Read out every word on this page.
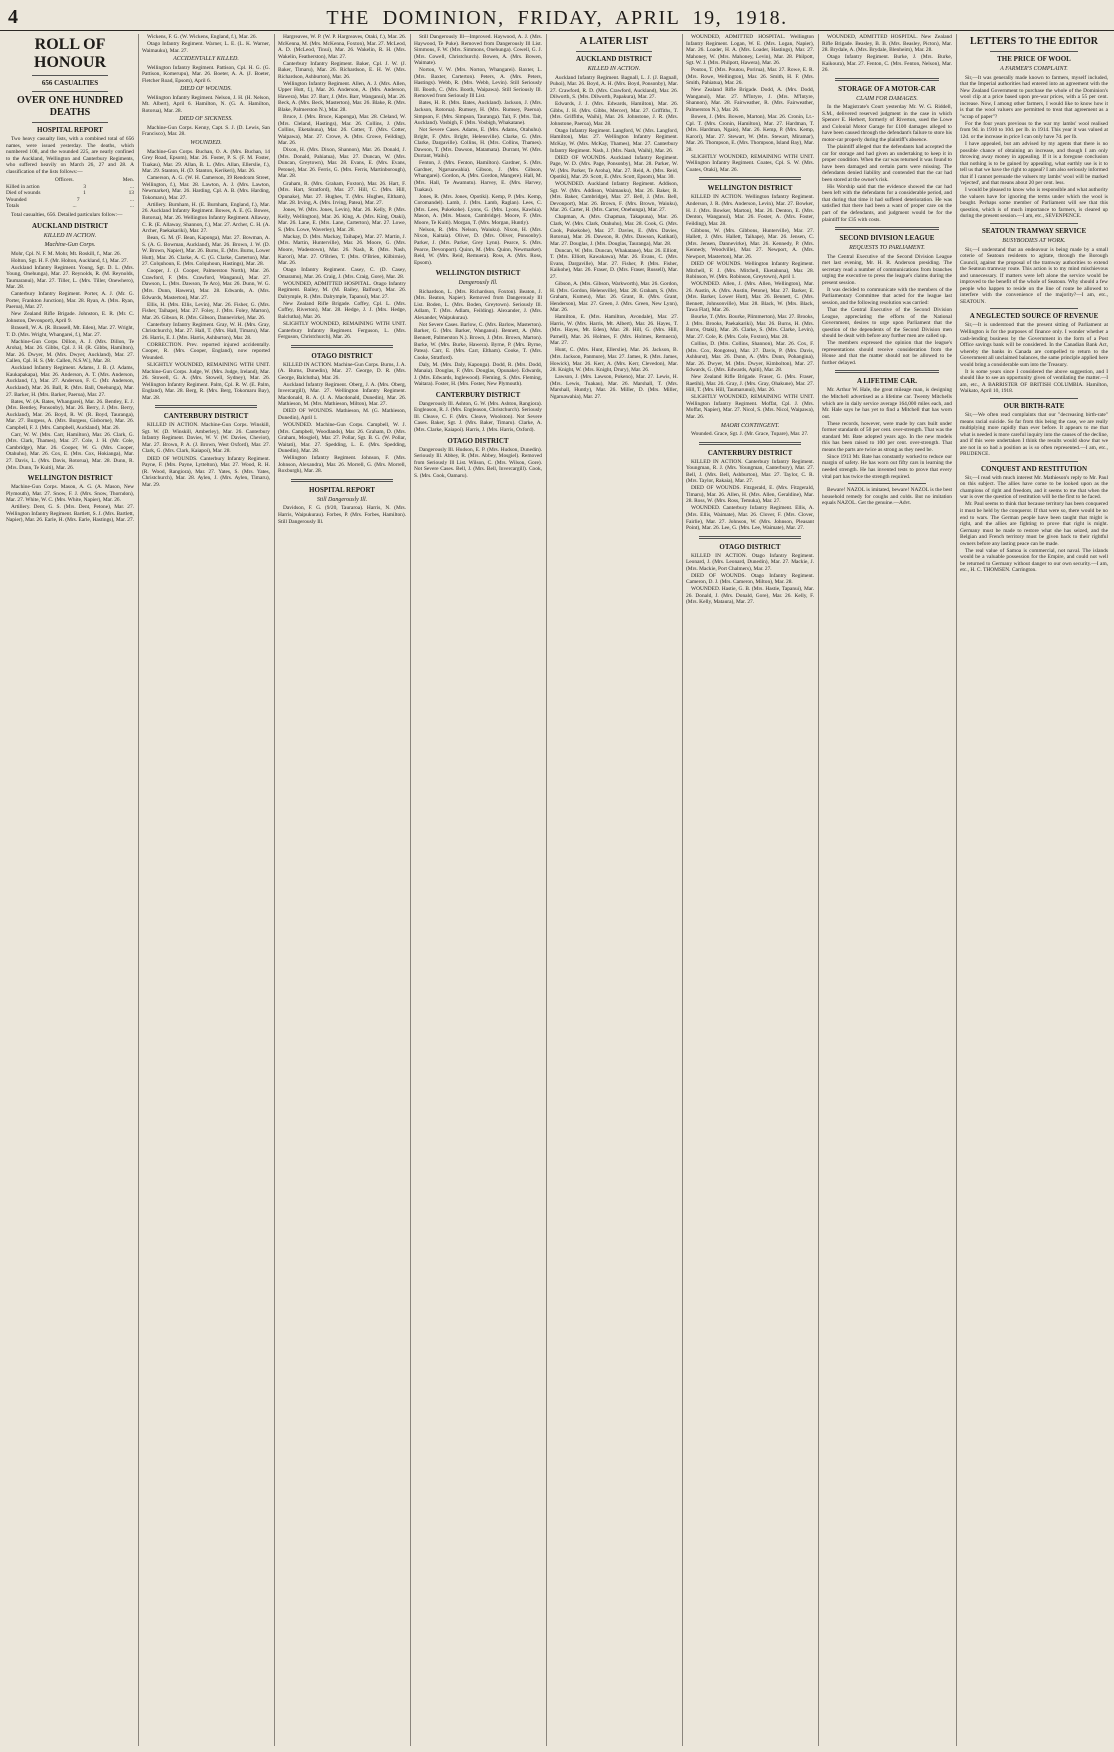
4	THE  DOMINION,  FRIDAY,  APRIL  19,  1918.
ROLL OF HONOUR
656 CASUALTIES
OVER ONE HUNDRED DEATHS
HOSPITAL REPORT

Two heavy casualty lists, with a combined total of 656 names, were issued yesterday. The deaths, which numbered 108, and the wounded 225, are nearly confined to the Auckland, Wellington and Canterbury Regiments, who suffered heavily on March 26, 27 and 28. A classification of the lists follows:—

Officers.	Men.
Killed in action	3	...
Died of wounds	1	13
Wounded	7	...
Totals	...	...

Total casualties, 656. Detailed particulars follow:—

AUCKLAND DISTRICT
KILLED IN ACTION.
Machine-Gun Corps.

Mohr, Cpl. N. F. M. Mohr, Mt. Roskill, f., Mar. 26.

Holton, Sgt. H. F. (Mr. Holton, Auckland, f.), Mar. 27.

Auckland Infantry Regiment. Young, Sgt. D. L. (Mrs. Young, Onehunga), Mar. 27. Reynolds, R. (M. Reynolds, Taumaranui), Mar. 27. Tiller, L. (Mrs. Tiller, Onewhero), Mar. 28.

Canterbury Infantry Regiment. Porter, A. J. (Mr. G. Porter, Frankton Junction), Mar. 28. Ryan, A. (Mrs. Ryan, Paeroa), Mar. 27.

New Zealand Rifle Brigade. Johnston, E. R. (Mr. C. Johnston, Devonport), April 9.

Brassell, W. A. (R. Brassell, Mt. Eden), Mar. 27. Wright, T. D. (Mrs. Wright, Whangarei, f.), Mar. 27.

Machine-Gun Corps. Dillon, A. J. (Mrs. Dillon, Te Aroha), Mar. 26. Gibbs, Cpl. J. H. (R. Gibbs, Hamilton), Mar. 26. Dwyer, M. (Mrs. Dwyer, Auckland), Mar. 27. Callen, Cpl. H. S. (Mr. Callen, N.S.W.), Mar. 28.

Auckland Infantry Regiment. Adams, J. B. (J. Adams, Kaukapakapa), Mar. 26. Anderson, A. T. (Mrs. Anderson, Auckland, f.), Mar. 27. Anderson, F. C. (Mr. Anderson, Auckland), Mar. 26. Ball, R. (Mrs. Ball, Onehunga), Mar. 27. Barker, H. (Mrs. Barker, Paeroa), Mar. 27.

Bates, W. (A. Bates, Whangarei), Mar. 26. Bentley, E. J. (Mrs. Bentley, Ponsonby), Mar. 26. Berry, J. (Mrs. Berry, Auckland), Mar. 26. Boyd, R. W. (R. Boyd, Tauranga), Mar. 27. Burgess, A. (Mrs. Burgess, Gisborne), Mar. 26. Campbell, F. J. (Mrs. Campbell, Auckland), Mar. 26.

Carr, W. W. (Mrs. Carr, Hamilton), Mar. 26. Clark, G. (Mrs. Clark, Thames), Mar. 27. Cole, J. H. (Mr. Cole, Cambridge), Mar. 26. Cooper, W. G. (Mrs. Cooper, Otahuhu), Mar. 26. Cox, E. (Mrs. Cox, Hokianga), Mar. 27. Davis, L. (Mrs. Davis, Rotorua), Mar. 28. Dunn, R. (Mrs. Dunn, Te Kuiti), Mar. 26.

WELLINGTON DISTRICT

Machine-Gun Corps. Mason, A. G. (A. Mason, New Plymouth), Mar. 27. Snow, F. J. (Mrs. Snow, Thorndon), Mar. 27. White, W. C. (Mrs. White, Napier), Mar. 26.

Artillery. Dent, G. S. (Mrs. Dent, Petone), Mar. 27. Wellington Infantry Regiment. Bartlett, S. J. (Mrs. Bartlett, Napier), Mar. 26. Earle, H. (Mrs. Earle, Hastings), Mar. 27.

Wickens, F. G. (W. Wickens, England, f.), Mar. 26.

Otago Infantry Regiment. Warner, L. E. (L. K. Warner, Waimauku), Mar. 27.

ACCIDENTALLY KILLED.

Wellington Infantry Regiment. Pattison, Cpl. H. G. (G. Pattison, Komerupu), Mar. 26. Boeter, A. A. (J. Boeter, Fletcher Road, Epsom), April 6.

DIED OF WOUNDS.

Wellington Infantry Regiment. Nelson, J. H. (H. Nelson, Mt. Albert), April 6. Hamilton, N. (G. A. Hamilton, Rotorua), Mar. 28.

DIED OF SICKNESS.

Machine-Gun Corps. Kenny, Capt. S. J. (D. Lewis, San Francisco), Mar. 28.

WOUNDED.

Machine-Gun Corps. Buchan, O. A. (Mrs. Buchan, 14 Grey Road, Epsom), Mar. 26. Foster, P. S. (F. M. Foster, Tuakau), Mar. 29. Allan, B. L. (Mrs. Allan, Ellerslie, f.), Mar. 29. Stanton, H. (D. Stanton, Kerikeri), Mar. 26.

Camerson, A. G. (W. H. Camerson, 39 Rendcom Street, Wellington, f.), Mar. 28. Lawton, A. J. (Mrs. Lawton, Newmarket), Mar. 26. Harding, Cpl. A. B. (Mrs. Harding, Tokomaru), Mar. 27.

Artillery. Burnham, H. (E. Burnham, England, f.), Mar. 26. Auckland Infantry Regiment. Bowes, A. E. (G. Bowes, Rotorua), Mar. 26. Wellington Infantry Regiment. Allaway, C. R. (E. Allaway, Shannon, f.), Mar. 27. Archer, C. H. (A. Archer, Paekakariki), Mar. 27.

Bean, G. M. (F. Bean, Kaponga), Mar. 27. Bowman, A. S. (A. G. Bowman, Auckland), Mar. 26. Brown, J. W. (D. W. Brown, Napier), Mar. 26. Burns, E. (Mrs. Burns, Lower Hutt), Mar. 26. Clarke, A. C. (G. Clarke, Carterton), Mar. 27. Colquhoun, E. (Mrs. Colquhoun, Hastings), Mar. 28.

Cooper, J. (J. Cooper, Palmerston North), Mar. 26. Crawford, F. (Mrs. Crawford, Wanganui), Mar. 27. Dawson, L. (Mrs. Dawson, Te Aro), Mar. 26. Dunn, W. G. (Mrs. Dunn, Hawera), Mar. 28. Edwards, A. (Mrs. Edwards, Masterton), Mar. 27.

Ellis, H. (Mrs. Ellis, Levin), Mar. 26. Fisher, G. (Mrs. Fisher, Taihape), Mar. 27. Foley, J. (Mrs. Foley, Marton), Mar. 26. Gibson, R. (Mrs. Gibson, Dannevirke), Mar. 26.

Canterbury Infantry Regiment. Gray, W. H. (Mrs. Gray, Christchurch), Mar. 27. Hall, T. (Mrs. Hall, Timaru), Mar. 26. Harris, E. J. (Mrs. Harris, Ashburton), Mar. 28.

CORRECTION. Prev. reported injured accidentally. Cooper, R. (Mrs. Cooper, England), now reported Wounded.

SLIGHTLY WOUNDED, REMAINING WITH UNIT. Machine-Gun Corps. Judge, W. (Mrs. Judge, Ireland), Mar. 26. Stowell, G. A. (Mrs. Stowell, Sydney), Mar. 26. Wellington Infantry Regiment. Palm, Cpl. R. W. (E. Palm, England), Mar. 28. Berg, R. (Mrs. Berg, Tokomaru Bay), Mar. 28.

CANTERBURY DISTRICT

KILLED IN ACTION. Machine-Gun Corps. Winskill, Sgt. W. (D. Winskill, Amberley), Mar. 26. Canterbury Infantry Regiment. Davies, W. V. (W. Davies, Cheviot), Mar. 27. Brown, P. A. (J. Brown, West Oxford), Mar. 27. Clark, G. (Mrs. Clark, Kaiapoi), Mar. 28.

DIED OF WOUNDS. Canterbury Infantry Regiment. Payne, F. (Mrs. Payne, Lyttelton), Mar. 27. Wood, R. H. (R. Wood, Rangiora), Mar. 27. Yates, S. (Mrs. Yates, Christchurch), Mar. 28. Aylen, J. (Mrs. Aylen, Timaru), Mar. 29.

Hargreaves, W. P. (W. P. Hargreaves, Otaki, f.), Mar. 26. McKenna, M. (Mrs. McKenna, Foxton), Mar. 27. McLeod, A. D. (McLeod, Tinui), Mar. 26. Wakelin, R. H. (Mrs. Wakelin, Featherston), Mar. 27.

Canterbury Infantry Regiment. Baker, Cpl. J. W. (J. Baker, Timaru), Mar. 26. Richardson, E. H. W. (Mrs. Richardson, Ashburton), Mar. 26.

Wellington Infantry Regiment. Allen, A. J. (Mrs. Allen, Upper Hutt, f.), Mar. 26. Anderson, A. (Mrs. Anderson, Hawera), Mar. 27. Barr, J. (Mrs. Barr, Wanganui), Mar. 26. Beck, A. (Mrs. Beck, Masterton), Mar. 26. Blake, R. (Mrs. Blake, Palmerston N.), Mar. 28.

Bruce, J. (Mrs. Bruce, Kaponga), Mar. 28. Cleland, W. (Mrs. Cleland, Hastings), Mar. 26. Collins, J. (Mrs. Collins, Eketahuna), Mar. 26. Cotter, T. (Mrs. Cotter, Waipawa), Mar. 27. Crowe, A. (Mrs. Crowe, Feilding), Mar. 26.

Dixon, H. (Mrs. Dixon, Shannon), Mar. 26. Donald, J. (Mrs. Donald, Pahiatua), Mar. 27. Duncan, W. (Mrs. Duncan, Greytown), Mar. 28. Evans, E. (Mrs. Evans, Petone), Mar. 26. Ferris, G. (Mrs. Ferris, Martinborough), Mar. 28.

Graham, R. (Mrs. Graham, Foxton), Mar. 26. Hart, F. (Mrs. Hart, Stratford), Mar. 27. Hill, C. (Mrs. Hill, Opunake), Mar. 27. Hughes, T. (Mrs. Hughes, Eltham), Mar. 28. Irving, A. (Mrs. Irving, Patea), Mar. 27.

Jones, W. (Mrs. Jones, Levin), Mar. 26. Kelly, P. (Mrs. Kelly, Wellington), Mar. 26. King, A. (Mrs. King, Otaki), Mar. 26. Lane, E. (Mrs. Lane, Carterton), Mar. 27. Lowe, S. (Mrs. Lowe, Waverley), Mar. 28.

Mackay, D. (Mrs. Mackay, Taihape), Mar. 27. Martin, J. (Mrs. Martin, Hunterville), Mar. 26. Moore, G. (Mrs. Moore, Wadestown), Mar. 26. Nash, R. (Mrs. Nash, Karori), Mar. 27. O'Brien, T. (Mrs. O'Brien, Kilbirnie), Mar. 26.

Otago Infantry Regiment. Casey, C. (D. Casey, Omaramu), Mar. 26. Craig, J. (Mrs. Craig, Gore), Mar. 28.

WOUNDED, ADMITTED HOSPITAL. Otago Infantry Regiment. Bailey, M. (M. Bailey, Balfour), Mar. 26. Dalrymple, R. (Mrs. Dalrymple, Tapanui), Mar. 27.

New Zealand Rifle Brigade. Coffey, Cpl. L. (Mrs. Coffey, Riverton), Mar. 28. Hedge, J. J. (Mrs. Hedge, Balclutha), Mar. 26.

SLIGHTLY WOUNDED, REMAINING WITH UNIT. Canterbury Infantry Regiment. Ferguson, L. (Mrs. Ferguson, Christchurch), Mar. 26.

OTAGO DISTRICT

KILLED IN ACTION. Machine-Gun Corps. Burns, J. A. (A. Burns, Dunedin), Mar. 27. George, D. R. (Mrs. George, Balclutha), Mar. 26.

Auckland Infantry Regiment. Oberg, J. A. (Mrs. Oberg, Invercargill), Mar. 27. Wellington Infantry Regiment. Macdonald, R. A. (J. A. Macdonald, Dunedin), Mar. 26. Mathieson, M. (Mrs. Mathieson, Milton), Mar. 27.

DIED OF WOUNDS. Mathieson, M. (G. Mathieson, Dunedin), April 1.

WOUNDED. Machine-Gun Corps. Campbell, W. J. (Mrs. Campbell, Woodlands), Mar. 26. Graham, D. (Mrs. Graham, Mosgiel), Mar. 27. Pollar, Sgt. B. G. (W. Pollar, Waitati), Mar. 27. Spedding, L. E. (Mrs. Spedding, Dunedin), Mar. 28.

Wellington Infantry Regiment. Johnson, F. (Mrs. Johnson, Alexandra), Mar. 26. Morrell, G. (Mrs. Morrell, Roxburgh), Mar. 28.

HOSPITAL REPORT
Still Dangerously Ill.

Davidson, F. G. (9/20, Tauraroa). Harris, N. (Mrs. Harris, Waipukurau). Forbes, P. (Mrs. Forbes, Hamilton). Still Dangerously Ill.

Still Dangerously Ill—Improved. Haywood, A. J. (Mrs. Haywood, Te Puke). Removed from Dangerously Ill List. Simmons, F. W. (Mrs. Simmons, Onehunga). Cowell, G. J. (Mrs. Cowell, Christchurch). Bowen, A. (Mrs. Bowen, Waimate).

Norton, V. W. (Mrs. Norton, Whangarei). Baxter, L. (Mrs. Baxter, Carterton). Peters, A. (Mrs. Peters, Hastings). Webb, R. (Mrs. Webb, Levin). Still Seriously Ill. Booth, C. (Mrs. Booth, Waipawa). Still Seriously Ill. Removed from Seriously Ill List.

Bates, H. R. (Mrs. Bates, Auckland). Jackson, J. (Mrs. Jackson, Rotorua). Rumsey, H. (Mrs. Rumsey, Paeroa). Simpson, F. (Mrs. Simpson, Tauranga). Tait, F. (Mrs. Tait, Auckland). Vosbigh, F. (Mrs. Vosbigh, Whakatane).

Not Severe Cases. Adams, E. (Mrs. Adams, Otahuhu). Bright, F. (Mrs. Bright, Helensville). Clarke, G. (Mrs. Clarke, Dargaville). Collins, H. (Mrs. Collins, Thames). Dawson, T. (Mrs. Dawson, Matamata). Durrant, W. (Mrs. Durrant, Waihi).

Fenton, J. (Mrs. Fenton, Hamilton). Gardner, S. (Mrs. Gardner, Ngaruawahia). Gibson, J. (Mrs. Gibson, Whangarei). Gordon, A. (Mrs. Gordon, Mangere). Hall, M. (Mrs. Hall, Te Awamutu). Harvey, E. (Mrs. Harvey, Tuakau).

Jones, R. (Mrs. Jones, Opotiki). Kemp, P. (Mrs. Kemp, Coromandel). Lamb, J. (Mrs. Lamb, Raglan). Lees, C. (Mrs. Lees, Pukekohe). Lyons, G. (Mrs. Lyons, Kawhia). Mason, A. (Mrs. Mason, Cambridge). Moore, F. (Mrs. Moore, Te Kuiti). Morgan, T. (Mrs. Morgan, Huntly).

Nelson, R. (Mrs. Nelson, Waiuku). Nixon, H. (Mrs. Nixon, Kaitaia). Oliver, D. (Mrs. Oliver, Ponsonby). Parker, J. (Mrs. Parker, Grey Lynn). Pearce, S. (Mrs. Pearce, Devonport). Quinn, M. (Mrs. Quinn, Newmarket). Reid, W. (Mrs. Reid, Remuera). Ross, A. (Mrs. Ross, Epsom).

WELLINGTON DISTRICT
Dangerously Ill.

Richardson, L. (Mrs. Richardson, Foxton). Beaton, J. (Mrs. Beaton, Napier). Removed from Dangerously Ill List. Boden, L. (Mrs. Boden, Greytown). Seriously Ill. Adlam, T. (Mrs. Adlam, Feilding). Alexander, J. (Mrs. Alexander, Waipukurau).

Not Severe Cases. Barlow, C. (Mrs. Barlow, Masterton). Barker, G. (Mrs. Barker, Wanganui). Bennett, A. (Mrs. Bennett, Palmerston N.). Brown, J. (Mrs. Brown, Marton). Burke, W. (Mrs. Burke, Hawera). Byrne, P. (Mrs. Byrne, Patea). Carr, E. (Mrs. Carr, Eltham). Cooke, T. (Mrs. Cooke, Stratford).

Daly, M. (Mrs. Daly, Kaponga). Dodd, R. (Mrs. Dodd, Manaia). Douglas, F. (Mrs. Douglas, Opunake). Edwards, J. (Mrs. Edwards, Inglewood). Fleming, S. (Mrs. Fleming, Waitara). Foster, H. (Mrs. Foster, New Plymouth).

CANTERBURY DISTRICT

Dangerously Ill. Ashton, G. W. (Mrs. Ashton, Rangiora). Engleason, R. J. (Mrs. Engleason, Christchurch). Seriously Ill. Cleave, C. F. (Mrs. Cleave, Woolston). Not Severe Cases. Baker, Sgt. J. (Mrs. Baker, Timaru). Clarke, A. (Mrs. Clarke, Kaiapoi). Harris, J. (Mrs. Harris, Oxford).

OTAGO DISTRICT

Dangerously Ill. Hudson, E. P. (Mrs. Hudson, Dunedin). Seriously Ill. Abbey, R. (Mrs. Abbey, Mosgiel). Removed from Seriously Ill List. Wilson, C. (Mrs. Wilson, Gore). Not Severe Cases. Bell, J. (Mrs. Bell, Invercargill). Cook, S. (Mrs. Cook, Oamaru).

A LATER LIST
AUCKLAND DISTRICT
KILLED IN ACTION.

Auckland Infantry Regiment. Bagnall, L. J. (J. Bagnall, Puhoi), Mar. 26. Boyd, A. H. (Mrs. Boyd, Ponsonby), Mar. 27. Crawford, R. D. (Mrs. Crawford, Auckland), Mar. 26. Dilworth, S. (Mrs. Dilworth, Papakura), Mar. 27.

Edwards, J. J. (Mrs. Edwards, Hamilton), Mar. 26. Gibbs, J. H. (Mrs. Gibbs, Mercer), Mar. 27. Griffiths, T. (Mrs. Griffiths, Waihi), Mar. 26. Johnstone, J. R. (Mrs. Johnstone, Paeroa), Mar. 28.

Otago Infantry Regiment. Langford, W. (Mrs. Langford, Hamilton), Mar. 27. Wellington Infantry Regiment. McKay, W. (Mrs. McKay, Thames), Mar. 27. Canterbury Infantry Regiment. Nash, J. (Mrs. Nash, Waihi), Mar. 26.

DIED OF WOUNDS. Auckland Infantry Regiment. Page, W. D. (Mrs. Page, Ponsonby), Mar. 28. Parker, W. W. (Mrs. Parker, Te Aroha), Mar. 27. Reid, A. (Mrs. Reid, Opotiki), Mar. 29. Scott, E. (Mrs. Scott, Epsom), Mar. 30.

WOUNDED. Auckland Infantry Regiment. Addison, Sgt. W. (Mrs. Addison, Waimauku), Mar. 26. Baker, R. (Mrs. Baker, Cambridge), Mar. 27. Bell, J. (Mrs. Bell, Devonport), Mar. 26. Brown, F. (Mrs. Brown, Waiuku), Mar. 26. Carter, H. (Mrs. Carter, Onehunga), Mar. 27.

Chapman, A. (Mrs. Chapman, Takapuna), Mar. 26. Clark, W. (Mrs. Clark, Otahuhu), Mar. 28. Cook, G. (Mrs. Cook, Pukekohe), Mar. 27. Davies, E. (Mrs. Davies, Rotorua), Mar. 26. Dawson, R. (Mrs. Dawson, Katikati), Mar. 27. Douglas, J. (Mrs. Douglas, Tauranga), Mar. 28.

Duncan, W. (Mrs. Duncan, Whakatane), Mar. 26. Elliott, T. (Mrs. Elliott, Kawakawa), Mar. 26. Evans, C. (Mrs. Evans, Dargaville), Mar. 27. Fisher, P. (Mrs. Fisher, Kaikohe), Mar. 26. Fraser, D. (Mrs. Fraser, Russell), Mar. 27.

Gibson, A. (Mrs. Gibson, Warkworth), Mar. 26. Gordon, H. (Mrs. Gordon, Helensville), Mar. 28. Graham, S. (Mrs. Graham, Kumeu), Mar. 26. Grant, R. (Mrs. Grant, Henderson), Mar. 27. Green, J. (Mrs. Green, New Lynn), Mar. 26.

Hamilton, E. (Mrs. Hamilton, Avondale), Mar. 27. Harris, W. (Mrs. Harris, Mt. Albert), Mar. 26. Hayes, T. (Mrs. Hayes, Mt. Eden), Mar. 28. Hill, G. (Mrs. Hill, Parnell), Mar. 26. Holmes, F. (Mrs. Holmes, Remuera), Mar. 27.

Hunt, C. (Mrs. Hunt, Ellerslie), Mar. 26. Jackson, B. (Mrs. Jackson, Panmure), Mar. 27. James, R. (Mrs. James, Howick), Mar. 26. Kerr, A. (Mrs. Kerr, Clevedon), Mar. 28. Knight, W. (Mrs. Knight, Drury), Mar. 26.

Lawson, J. (Mrs. Lawson, Pokeno), Mar. 27. Lewis, H. (Mrs. Lewis, Tuakau), Mar. 26. Marshall, T. (Mrs. Marshall, Huntly), Mar. 26. Miller, D. (Mrs. Miller, Ngaruawahia), Mar. 27.

WOUNDED, ADMITTED HOSPITAL. Wellington Infantry Regiment. Logan, W. E. (Mrs. Logan, Napier), Mar. 26. Loader, H. A. (Mrs. Loader, Hastings), Mar. 27. Mahoney, W. (Mrs. Mahoney, Levin), Mar. 28. Philpott, Sgt. W. J. (Mrs. Philpott, Hawera), Mar. 26.

Poutou, T. (Mrs. Poutou, Porirua), Mar. 27. Rowe, E. R. (Mrs. Rowe, Wellington), Mar. 26. Smith, H. F. (Mrs. Smith, Pahiatua), Mar. 26.

New Zealand Rifle Brigade. Dodd, A. (Mrs. Dodd, Wanganui), Mar. 27. M'Intyre, J. (Mrs. M'Intyre, Shannon), Mar. 28. Fairweather, R. (Mrs. Fairweather, Palmerston N.), Mar. 26.

Bowen, J. (Mrs. Bowen, Marton), Mar. 26. Cronin, Lt.-Cpl. T. (Mrs. Cronin, Hamilton), Mar. 27. Hardman, T. (Mrs. Hardman, Ngaio), Mar. 26. Kemp, P. (Mrs. Kemp, Karori), Mar. 27. Stewart, W. (Mrs. Stewart, Miramar), Mar. 26. Thompson, E. (Mrs. Thompson, Island Bay), Mar. 28.

SLIGHTLY WOUNDED, REMAINING WITH UNIT. Wellington Infantry Regiment. Coates, Cpl. S. W. (Mrs. Coates, Otaki), Mar. 26.

WELLINGTON DISTRICT

KILLED IN ACTION. Wellington Infantry Regiment. Anderson, J. R. (Mrs. Anderson, Levin), Mar. 27. Bowker, H. J. (Mrs. Bowker, Marton), Mar. 26. Denton, E. (Mrs. Denton, Wanganui), Mar. 26. Foster, A. (Mrs. Foster, Feilding), Mar. 28.

Gibbons, W. (Mrs. Gibbons, Hunterville), Mar. 27. Hallett, J. (Mrs. Hallett, Taihape), Mar. 26. Jensen, C. (Mrs. Jensen, Dannevirke), Mar. 26. Kennedy, P. (Mrs. Kennedy, Woodville), Mar. 27. Newport, A. (Mrs. Newport, Masterton), Mar. 26.

DIED OF WOUNDS. Wellington Infantry Regiment. Mitchell, F. J. (Mrs. Mitchell, Eketahuna), Mar. 28. Robinson, W. (Mrs. Robinson, Greytown), April 1.

WOUNDED. Allen, J. (Mrs. Allen, Wellington), Mar. 26. Austin, A. (Mrs. Austin, Petone), Mar. 27. Barker, E. (Mrs. Barker, Lower Hutt), Mar. 26. Bennett, C. (Mrs. Bennett, Johnsonville), Mar. 28. Black, W. (Mrs. Black, Tawa Flat), Mar. 26.

Bourke, T. (Mrs. Bourke, Plimmerton), Mar. 27. Brooks, J. (Mrs. Brooks, Paekakariki), Mar. 26. Burns, H. (Mrs. Burns, Otaki), Mar. 26. Clarke, S. (Mrs. Clarke, Levin), Mar. 27. Cole, R. (Mrs. Cole, Foxton), Mar. 28.

Collins, D. (Mrs. Collins, Shannon), Mar. 26. Cox, F. (Mrs. Cox, Rongotea), Mar. 27. Davis, P. (Mrs. Davis, Ashhurst), Mar. 26. Dunn, A. (Mrs. Dunn, Pohangina), Mar. 26. Dwyer, M. (Mrs. Dwyer, Kimbolton), Mar. 27. Edwards, G. (Mrs. Edwards, Apiti), Mar. 28.

New Zealand Rifle Brigade. Fraser, G. (Mrs. Fraser, Raetihi), Mar. 26. Gray, J. (Mrs. Gray, Ohakune), Mar. 27. Hill, T. (Mrs. Hill, Taumarunui), Mar. 26.

SLIGHTLY WOUNDED, REMAINING WITH UNIT. Wellington Infantry Regiment. Moffat, Cpl. J. (Mrs. Moffat, Napier), Mar. 27. Nicol, S. (Mrs. Nicol, Waipawa), Mar. 26.

MAORI CONTINGENT.

Wounded. Grace, Sgt. J. (Mr. Grace, Tupare), Mar. 27.

CANTERBURY DISTRICT

KILLED IN ACTION. Canterbury Infantry Regiment. Youngman, R. J. (Mrs. Youngman, Canterbury), Mar. 27. Bell, J. (Mrs. Bell, Ashburton), Mar. 27. Taylor, C. R. (Mrs. Taylor, Rakaia), Mar. 27.

DIED OF WOUNDS. Fitzgerald, E. (Mrs. Fitzgerald, Timaru), Mar. 26. Allen, H. (Mrs. Allen, Geraldine), Mar. 28. Ross, W. (Mrs. Ross, Temuka), Mar. 27.

WOUNDED. Canterbury Infantry Regiment. Ellis, A. (Mrs. Ellis, Waimate), Mar. 26. Clover, F. (Mrs. Clover, Fairlie), Mar. 27. Johnson, W. (Mrs. Johnson, Pleasant Point), Mar. 26. Lee, G. (Mrs. Lee, Waimate), Mar. 27.

OTAGO DISTRICT

KILLED IN ACTION. Otago Infantry Regiment. Leonard, J. (Mrs. Leonard, Dunedin), Mar. 27. Mackie, J. (Mrs. Mackie, Port Chalmers), Mar. 27.

DIED OF WOUNDS. Otago Infantry Regiment. Cameron, D. J. (Mrs. Cameron, Milton), Mar. 28.

WOUNDED. Hastie, G. B. (Mrs. Hastie, Tapanui), Mar. 26. Donald, J. (Mrs. Donald, Gore), Mar. 26. Kelly, F. (Mrs. Kelly, Mataura), Mar. 27.

WOUNDED, ADMITTED HOSPITAL. New Zealand Rifle Brigade. Beasley, B. B. (Mrs. Beasley, Picton), Mar. 28. Brydale, A. (Mrs. Brydale, Blenheim), Mar. 28.

Otago Infantry Regiment. Burke, J. (Mrs. Burke, Kaikoura), Mar. 27. Fenton, C. (Mrs. Fenton, Nelson), Mar. 26.

STORAGE OF A MOTOR-CAR
CLAIM FOR DAMAGES.

In the Magistrate's Court yesterday Mr. W. G. Riddell, S.M., delivered reserved judgment in the case in which Spencer E. Herbert, formerly of Riverton, sued the Lowe and Colonial Motor Garage for £100 damages alleged to have been caused through the defendant's failure to store his motor-car properly during the plaintiff's absence.

The plaintiff alleged that the defendants had accepted the car for storage and had given an undertaking to keep it in proper condition. When the car was returned it was found to have been damaged and certain parts were missing. The defendants denied liability and contended that the car had been stored at the owner's risk.

His Worship said that the evidence showed the car had been left with the defendants for a considerable period, and that during that time it had suffered deterioration. He was satisfied that there had been a want of proper care on the part of the defendants, and judgment would be for the plaintiff for £35 with costs.

SECOND DIVISION LEAGUE
REQUESTS TO PARLIAMENT.

The Central Executive of the Second Division League met last evening, Mr. H. R. Anderson presiding. The secretary read a number of communications from branches urging the executive to press the league's claims during the present session.

It was decided to communicate with the members of the Parliamentary Committee that acted for the league last session, and the following resolution was carried:

That the Central Executive of the Second Division League, appreciating the efforts of the National Government, desires to urge upon Parliament that the question of the dependents of the Second Division men should be dealt with before any further men are called up.

The members expressed the opinion that the league's representations should receive consideration from the House and that the matter should not be allowed to be further delayed.

A LIFETIME CAR.

Mr. Arthur W. Hale, the great mileage man, is designing the Mitchell advertised as a lifetime car. Twenty Mitchells which are in daily service average 164,000 miles each, and Mr. Hale says he has yet to find a Mitchell that has worn out.

These records, however, were made by cars built under former standards of 50 per cent. over-strength. That was the standard Mr. Bate adopted years ago. In the new models this has been raised to 100 per cent. over-strength. That means the parts are twice as strong as they need be.

Since 1913 Mr. Bate has constantly worked to reduce our margin of safety. He has worn out fifty cars in learning the needed strength. He has invented tests to prove that every vital part has twice the strength required.

Beware! NAZOL is imitated, beware! NAZOL is the best household remedy for coughs and colds. But no imitation equals NAZOL. Get the genuine.—Advt.

LETTERS TO THE EDITOR
THE PRICE OF WOOL
A FARMER'S COMPLAINT.

Sir,—It was generally made known to farmers, myself included, that the Imperial authorities had entered into an agreement with the New Zealand Government to purchase the whole of the Dominion's wool clip at a price based upon pre-war prices, with a 55 per cent. increase. Now, I among other farmers, I would like to know how it is that the wool valuers are permitted to treat that agreement as a "scrap of paper"?

For the four years previous to the war my lambs' wool realised from 9d. in 1910 to 10d. per lb. in 1914. This year it was valued at 12d. or the increase in price I can only have 7d. per lb.

I have appealed, but am advised by my agents that there is no possible chance of obtaining an increase, and though I am only throwing away money in appealing. If it is a foregone conclusion that nothing is to be gained by appealing, what earthly use is it to tell us that we have the right to appeal? I am also seriously informed that if I cannot persuade the valuers my lambs' wool will be marked 'rejected', and that means about 20 per cent. less.

I would be pleased to know who is responsible and what authority the valuers have for ignoring the terms under which the wool is bought. Perhaps some member of Parliament will see that this question, which is of much importance to farmers, is cleared up during the present session.—I am, etc., SEVENPENCE.

SEATOUN TRAMWAY SERVICE
BUSYBODIES AT WORK.

Sir,—I understand that an endeavour is being made by a small coterie of Seatoun residents to agitate, through the Borough Council, against the proposal of the tramway authorities to extend the Seatoun tramway route. This action is to my mind mischievous and unnecessary. If matters were left alone the service would be improved to the benefit of the whole of Seatoun. Why should a few people who happen to reside on the line of route be allowed to interfere with the convenience of the majority?—I am, etc., SEATOUN.

A NEGLECTED SOURCE OF REVENUE

Sir,—It is understood that the present sitting of Parliament at Wellington is for the purposes of finance only. I wonder whether a cash-lending business by the Government in the form of a Post Office savings bank will be considered. In the Canadian Bank Act, whereby the banks in Canada are compelled to return to the Government all unclaimed balances, the same principle applied here would bring a considerable sum into the Treasury.

It is some years since I considered the above suggestion, and I should like to see an opportunity given of ventilating the matter.—I am, etc., A BARRISTER OF BRITISH COLUMBIA. Hamilton, Waikato, April 10, 1918.

OUR BIRTH-RATE

Sir,—We often read complaints that our "decreasing birth-rate" means racial suicide. So far from this being the case, we are really multiplying more rapidly than ever before. It appears to me that what is needed is more careful inquiry into the causes of the decline, and if this were undertaken I think the results would show that we are not in so bad a position as is so often represented.—I am, etc., PRUDENCE.

CONQUEST AND RESTITUTION

Sir,—I read with much interest Mr. Mathieson's reply to Mr. Paul on this subject. The allies have come to be looked upon as the champions of right and freedom, and it seems to me that when the war is over the question of restitution will be the first to be faced.

Mr. Paul seems to think that because territory has been conquered it must be held by the conqueror. If that were so, there would be no end to wars. The German people have been taught that might is right, and the allies are fighting to prove that right is might. Germany must be made to restore what she has seized, and the Belgian and French territory must be given back to their rightful owners before any lasting peace can be made.

The real value of Samoa is commercial, not naval. The islands would be a valuable possession for the Empire, and could not well be returned to Germany without danger to our own security.—I am, etc., H. C. THOMSEN. Carrington.
